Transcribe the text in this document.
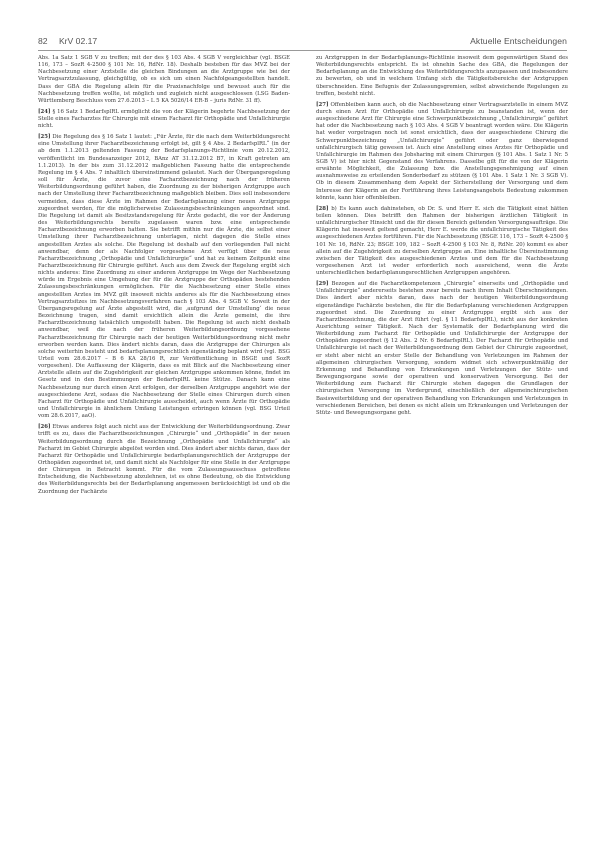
82 KrV 02.17	Aktuelle Entscheidungen

Abs. 1a Satz 1 SGB V zu treffen; mit der des § 103 Abs. 4 SGB V vergleichbar (vgl. BSGE 116, 173 – SozR 4-2500 § 101 Nr. 16, RdNr. 18). Deshalb besteben für das MVZ bei der Nachbesetzung einer Arztstelle die gleichen Bindungen an die Arztgruppe wie bei der Vertragsarztzulassung, gleichgültig, ob es sich um einen Nachfolgeangestellten handelt. Dass der GBA die Regelung allein für die Praxisnachfolge und bewusst auch für die Nachbesetzung treffen wollte, ist möglich und zugleich nicht ausgeschlossen (LSG Baden-Württemberg Beschluss vom 27.6.2013 – L 5 KA 5026/14 ER-B – juris RdNr. 31 ff).

[24] § 16 Satz 1 BedarfsplRL ermöglicht die von der Klägerin begehrte Nachbesetzung der Stelle eines Facharztes für Chirurgie mit einem Facharzt für Orthopädie und Unfallchirurgie nicht.

[25] Die Regelung des § 16 Satz 1 lautet: „Für Ärzte, für die nach dem Weiterbildungsrecht eine Umstellung ihrer Facharztbezeichnung erfolgt ist, gilt § 4 Abs. 2 BedarfsplRL“ (in der ab dem 1.1.2013 geltenden Fassung der Bedarfsplanungs-Richtlinie vom 20.12.2012, veröffentlicht im Bundesanzeiger 2012, BAnz AT 31.12.2012 B7, in Kraft getreten am 1.1.2013). In der bis zum 31.12.2012 maßgeblichen Fassung hatte die entsprechende Regelung im § 4 Abs. 7 inhaltlich übereinstimmend gelautet. Nach der Übergangsregelung soll für Ärzte, die zuvor eine Facharztbezeichnung nach der früheren Weiterbildungsordnung geführt haben, die Zuordnung zu der bisherigen Arztgruppe auch nach der Umstellung ihrer Facharztbezeichnung maßgeblich bleiben. Dies soll insbesondere vermeiden, dass diese Ärzte im Rahmen der Bedarfsplanung einer neuen Arztgruppe zugeordnet werden, für die möglicherweise Zulassungsbeschränkungen angeordnet sind. Die Regelung ist damit als Besitzstandsregelung für Ärzte gedacht, die vor der Änderung des Weiterbildungsrechts bereits zugelassen waren bzw. eine entsprechende Facharztbezeichnung erworben hatten. Sie betrifft mithin nur die Ärzte, die selbst einer Umstellung ihrer Facharztbezeichnung unterlagen, nicht dagegen die Stelle eines angestellten Arztes als solche. Die Regelung ist deshalb auf den vorliegenden Fall nicht anwendbar, denn der als Nachfolger vorgesehene Arzt verfügt über die neue Facharztbezeichnung „Orthopädie und Unfallchirurgie“ und hat zu keinem Zeitpunkt eine Facharztbezeichnung für Chirurgie geführt. Auch aus dem Zweck der Regelung ergibt sich nichts anderes: Eine Zuordnung zu einer anderen Arztgruppe im Wege der Nachbesetzung würde im Ergebnis eine Umgehung der für die Arztgruppe der Orthopäden bestehenden Zulassungsbeschränkungen ermöglichen. Für die Nachbesetzung einer Stelle eines angestellten Arztes im MVZ gilt insoweit nichts anderes als für die Nachbesetzung eines Vertragsarztsitzes im Nachbesetzungsverfahren nach § 103 Abs. 4 SGB V. Soweit in der Übergangsregelung auf Ärzte abgestellt wird, die ‚aufgrund der Umstellung‘ die neue Bezeichnung tragen, sind damit ersichtlich allein die Ärzte gemeint, die ihre Facharztbezeichnung tatsächlich umgestellt haben. Die Regelung ist auch nicht deshalb anwendbar, weil die nach der früheren Weiterbildungsordnung vorgesehene Facharztbezeichnung für Chirurgie nach der heutigen Weiterbildungsordnung nicht mehr erworben werden kann. Dies ändert nichts daran, dass die Arztgruppe der Chirurgen als solche weiterhin besteht und bedarfsplanungsrechtlich eigenständig beplant wird (vgl. BSG Urteil vom 28.6.2017 – B 6 KA 28/16 R, zur Veröffentlichung in BSGE und SozR vorgesehen). Die Auffassung der Klägerin, dass es mit Blick auf die Nachbesetzung einer Arztstelle allein auf die Zugehörigkeit zur gleichen Arztgruppe ankommen könne, findet im Gesetz und in den Bestimmungen der BedarfsplRL keine Stütze. Danach kann eine Nachbesetzung nur durch einen Arzt erfolgen, der derselben Arztgruppe angehört wie der ausgeschiedene Arzt, sodass die Nachbesetzung der Stelle eines Chirurgen durch einen Facharzt für Orthopädie und Unfallchirurgie ausscheidet, auch wenn Ärzte für Orthopädie und Unfallchirurgie in ähnlichem Umfang Leistungen erbringen können (vgl. BSG Urteil vom 28.6.2017, aaO).

[26] Etwas anderes folgt auch nicht aus der Entwicklung der Weiterbildungsordnung. Zwar trifft es zu, dass die Facharztbezeichnungen „Chirurgie“ und „Orthopädie“ in der neuen Weiterbildungsordnung durch die Bezeichnung „Orthopädie und Unfallchirurgie“ als Facharzt im Gebiet Chirurgie abgelöst worden sind. Dies ändert aber nichts daran, dass der Facharzt für Orthopädie und Unfallchirurgie bedarfsplanungsrechtlich der Arztgruppe der Orthopäden zugeordnet ist, und damit nicht als Nachfolger für eine Stelle in der Arztgruppe der Chirurgen in Betracht kommt. Für die vom Zulassungsausschuss getroffene Entscheidung, die Nachbesetzung abzulehnen, ist es ohne Bedeutung, ob die Entwicklung des Weiterbildungsrechts bei der Bedarfsplanung angemessen berücksichtigt ist und ob die Zuordnung der Fachärzte

zu Arztgruppen in der Bedarfsplanungs-Richtlinie insoweit dem gegenwärtigen Stand des Weiterbildungsrechts entspricht. Es ist ohnehin Sache des GBA, die Regelungen der Bedarfsplanung an die Entwicklung des Weiterbildungsrechts anzupassen und insbesondere zu bewerten, ob und in welchem Umfang sich die Tätigkeitsbereiche der Arztgruppen überschneiden. Eine Befugnis der Zulassungsgremien, selbst abweichende Regelungen zu treffen, besteht nicht.

[27] Offenbleiben kann auch, ob die Nachbesetzung einer Vertragsarztstelle in einem MVZ durch einen Arzt für Orthopädie und Unfallchirurgie zu beanstanden ist, wenn der ausgeschiedene Arzt für Chirurgie eine Schwerpunktbezeichnung „Unfallchirurgie“ geführt hat oder die Nachbesetzung nach § 103 Abs. 4 SGB V beantragt worden wäre. Die Klägerin hat weder vorgetragen noch ist sonst ersichtlich, dass der ausgeschiedene Chirurg die Schwerpunktbezeichnung „Unfallchirurgie“ geführt oder ganz überwiegend unfallchirurgisch tätig gewesen ist. Auch eine Anstellung eines Arztes für Orthopädie und Unfallchirurgie im Rahmen des Jobsharing mit einem Chirurgen (§ 101 Abs. 1 Satz 1 Nr. 5 SGB V) ist hier nicht Gegenstand des Verfahrens. Dasselbe gilt für die von der Klägerin erwähnte Möglichkeit, die Zulassung bzw. die Anstellungsgenehmigung auf einen ausnahmsweise zu erteilenden Sonderbedarf zu stützen (§ 101 Abs. 1 Satz 1 Nr. 3 SGB V). Ob in diesem Zusammenhang dem Aspekt der Sicherstellung der Versorgung und dem Interesse der Klägerin an der Fortführung ihres Leistungsangebots Bedeutung zukommen könnte, kann hier offenbleiben.

[28] b) Es kann auch dahinstehen, ob Dr. S. und Herr E. sich die Tätigkeit einst hätten teilen können. Dies betrifft den Rahmen der bisherigen ärztlichen Tätigkeit in unfallchirurgischer Hinsicht und die für diesen Bereich geltenden Versorgungsaufträge. Die Klägerin hat insoweit geltend gemacht, Herr E. werde die unfallchirurgische Tätigkeit des ausgeschiedenen Arztes fortführen. Für die Nachbesetzung (BSGE 116, 173 – SozR 4-2500 § 101 Nr. 16, RdNr. 23; BSGE 109, 182 – SozR 4-2500 § 103 Nr. 8, RdNr. 20) kommt es aber allein auf die Zugehörigkeit zu derselben Arztgruppe an. Eine inhaltliche Übereinstimmung zwischen der Tätigkeit des ausgeschiedenen Arztes und dem für die Nachbesetzung vorgesehenen Arzt ist weder erforderlich noch ausreichend, wenn die Ärzte unterschiedlichen bedarfsplanungsrechtlichen Arztgruppen angehören.

[29] Bezogen auf die Facharztkompetenzen „Chirurgie“ einerseits und „Orthopädie und Unfallchirurgie“ andererseits bestehen zwar bereits nach ihrem Inhalt Überschneidungen. Dies ändert aber nichts daran, dass nach der heutigen Weiterbildungsordnung eigenständige Fachärzte bestehen, die für die Bedarfsplanung verschiedenen Arztgruppen zugeordnet sind. Die Zuordnung zu einer Arztgruppe ergibt sich aus der Facharztbezeichnung, die der Arzt führt (vgl. § 11 BedarfsplRL), nicht aus der konkreten Ausrichtung seiner Tätigkeit. Nach der Systematik der Bedarfsplanung wird die Weiterbildung zum Facharzt für Orthopädie und Unfallchirurgie der Arztgruppe der Orthopäden zugeordnet (§ 12 Abs. 2 Nr. 6 BedarfsplRL). Der Facharzt für Orthopädie und Unfallchirurgie ist nach der Weiterbildungsordnung dem Gebiet der Chirurgie zugeordnet, er steht aber nicht an erster Stelle der Behandlung von Verletzungen im Rahmen der allgemeinen chirurgischen Versorgung, sondern widmet sich schwerpunktmäßig der Erkennung und Behandlung von Erkrankungen und Verletzungen der Stütz- und Bewegungsorgane sowie der operativen und konservativen Versorgung. Bei der Weiterbildung zum Facharzt für Chirurgie stehen dagegen die Grundlagen der chirurgischen Versorgung im Vordergrund, einschließlich der allgemeinchirurgischen Basisweiterbildung und der operativen Behandlung von Erkrankungen und Verletzungen in verschiedenen Bereichen, bei denen es nicht allein um Erkrankungen und Verletzungen der Stütz- und Bewegungsorgane geht.
